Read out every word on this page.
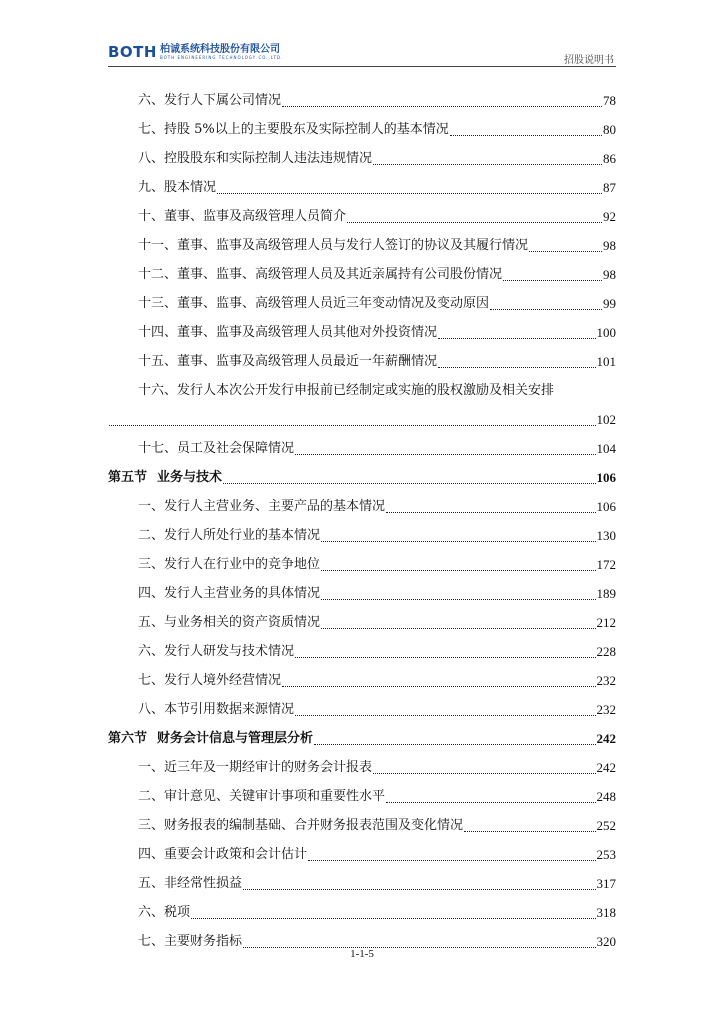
BOTH 柏诚系统科技股份有限公司
BOTH ENGINEERING TECHNOLOGY CO.,LTD.	招股说明书
六、发行人下属公司情况	78
七、持股 5%以上的主要股东及实际控制人的基本情况	80
八、控股股东和实际控制人违法违规情况	86
九、股本情况	87
十、董事、监事及高级管理人员简介	92
十一、董事、监事及高级管理人员与发行人签订的协议及其履行情况	98
十二、董事、监事、高级管理人员及其近亲属持有公司股份情况	98
十三、董事、监事、高级管理人员近三年变动情况及变动原因	99
十四、董事、监事及高级管理人员其他对外投资情况	100
十五、董事、监事及高级管理人员最近一年薪酬情况	101
十六、发行人本次公开发行申报前已经制定或实施的股权激励及相关安排
102
十七、员工及社会保障情况	104
第五节 业务与技术	106
一、发行人主营业务、主要产品的基本情况	106
二、发行人所处行业的基本情况	130
三、发行人在行业中的竞争地位	172
四、发行人主营业务的具体情况	189
五、与业务相关的资产资质情况	212
六、发行人研发与技术情况	228
七、发行人境外经营情况	232
八、本节引用数据来源情况	232
第六节 财务会计信息与管理层分析	242
一、近三年及一期经审计的财务会计报表	242
二、审计意见、关键审计事项和重要性水平	248
三、财务报表的编制基础、合并财务报表范围及变化情况	252
四、重要会计政策和会计估计	253
五、非经常性损益	317
六、税项	318
七、主要财务指标	320
1-1-5
